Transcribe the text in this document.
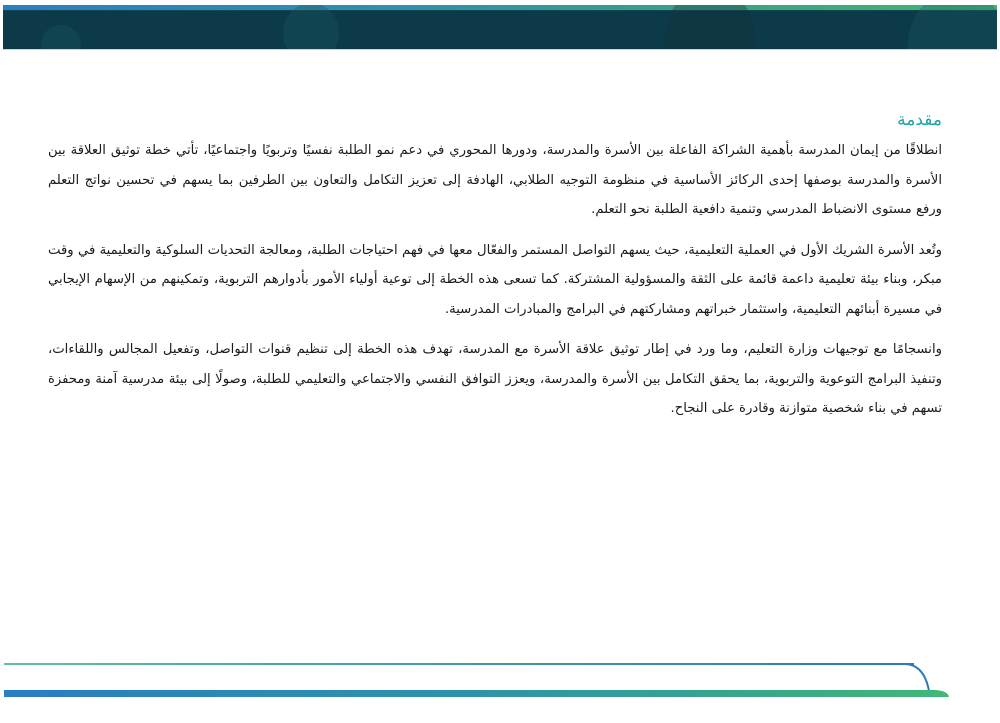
مقدمة

انطلاقًا من إيمان المدرسة بأهمية الشراكة الفاعلة بين الأسرة والمدرسة، ودورها المحوري في دعم نمو الطلبة نفسيًا وتربويًا واجتماعيًا، تأتي خطة توثيق العلاقة بين الأسرة والمدرسة بوصفها إحدى الركائز الأساسية في منظومة التوجيه الطلابي، الهادفة إلى تعزيز التكامل والتعاون بين الطرفين بما يسهم في تحسين نواتج التعلم ورفع مستوى الانضباط المدرسي وتنمية دافعية الطلبة نحو التعلم.

وتُعد الأسرة الشريك الأول في العملية التعليمية، حيث يسهم التواصل المستمر والفعّال معها في فهم احتياجات الطلبة، ومعالجة التحديات السلوكية والتعليمية في وقت مبكر، وبناء بيئة تعليمية داعمة قائمة على الثقة والمسؤولية المشتركة. كما تسعى هذه الخطة إلى توعية أولياء الأمور بأدوارهم التربوية، وتمكينهم من الإسهام الإيجابي في مسيرة أبنائهم التعليمية، واستثمار خبراتهم ومشاركتهم في البرامج والمبادرات المدرسية.

وانسجامًا مع توجيهات وزارة التعليم، وما ورد في إطار توثيق علاقة الأسرة مع المدرسة، تهدف هذه الخطة إلى تنظيم قنوات التواصل، وتفعيل المجالس واللقاءات، وتنفيذ البرامج التوعوية والتربوية، بما يحقق التكامل بين الأسرة والمدرسة، ويعزز التوافق النفسي والاجتماعي والتعليمي للطلبة، وصولًا إلى بيئة مدرسية آمنة ومحفزة تسهم في بناء شخصية متوازنة وقادرة على النجاح.
